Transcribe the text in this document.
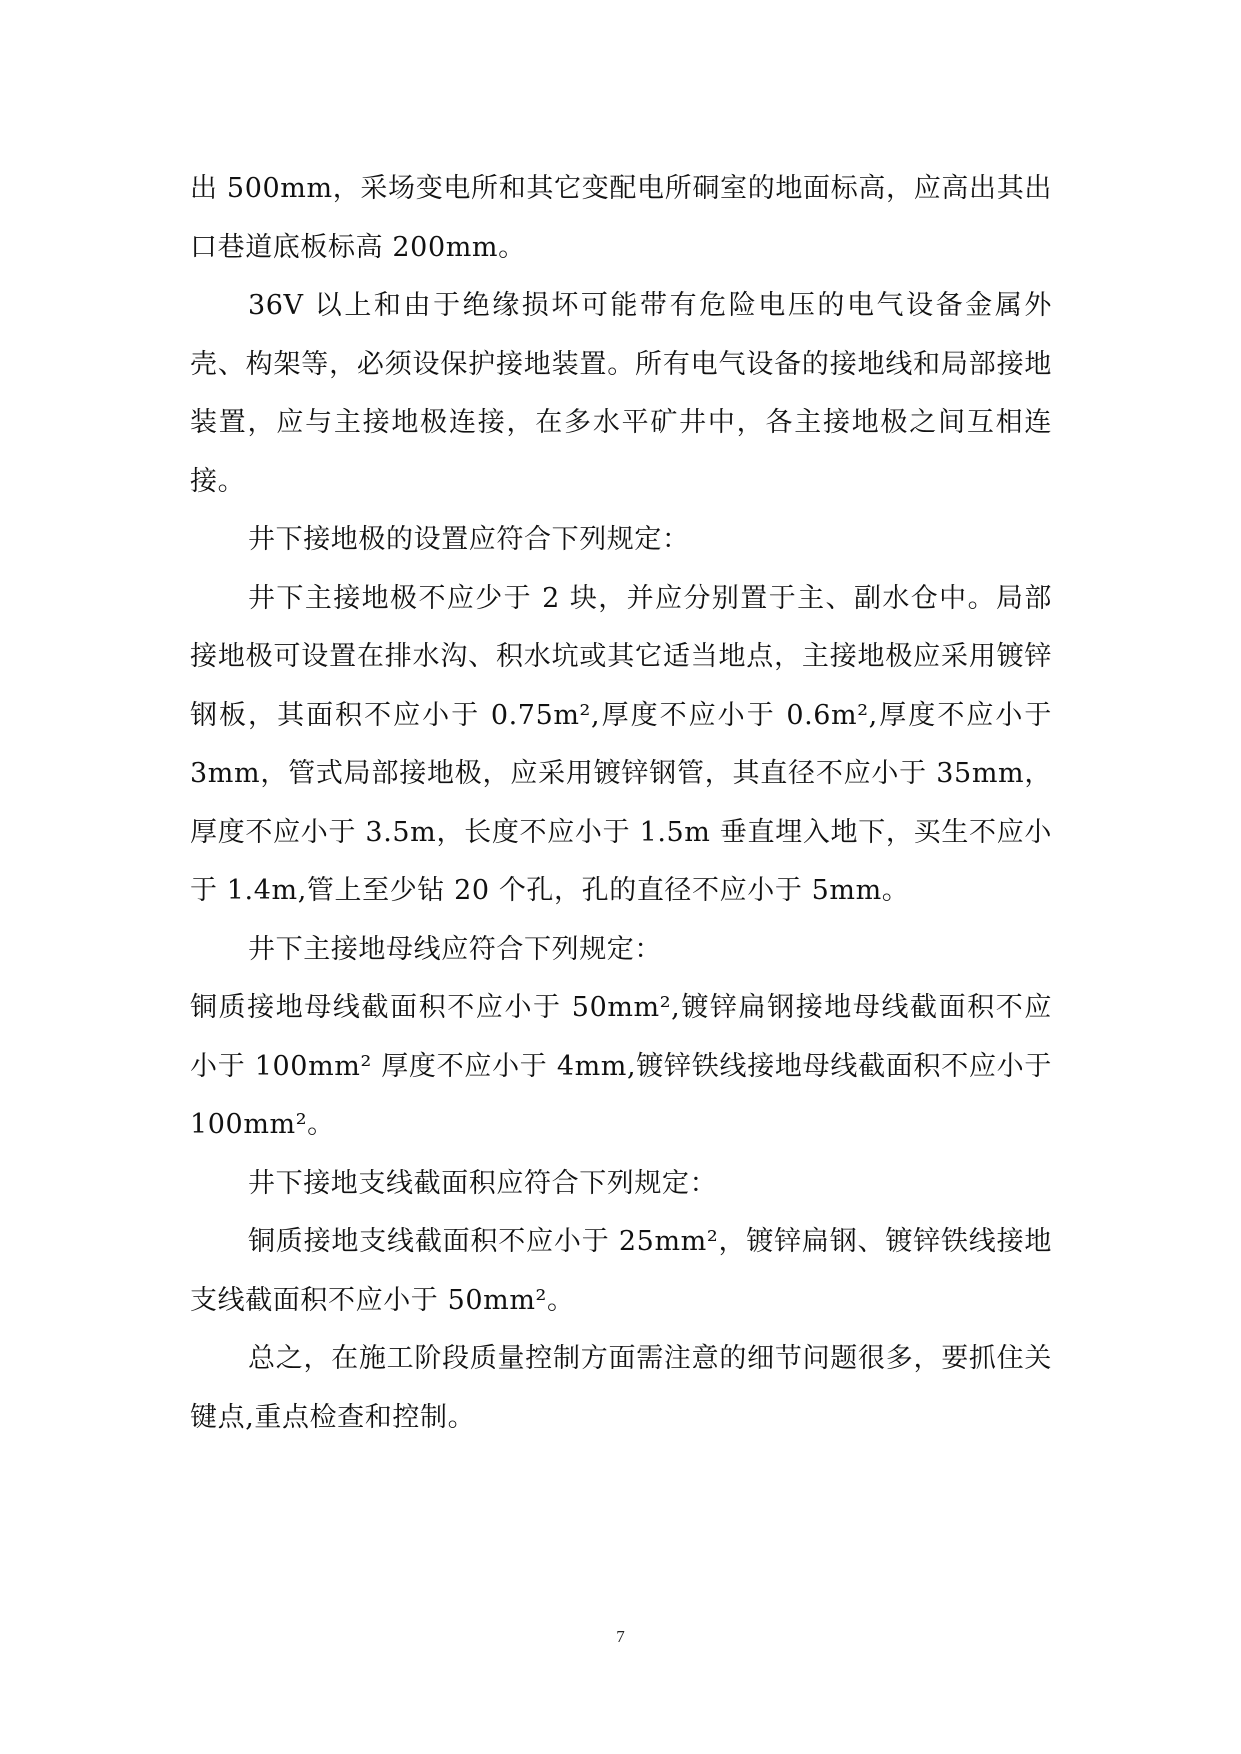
出 500mm，采场变电所和其它变配电所硐室的地面标高，应高出其出口巷道底板标高 200mm。

36V 以上和由于绝缘损坏可能带有危险电压的电气设备金属外壳、构架等，必须设保护接地装置。所有电气设备的接地线和局部接地装置，应与主接地极连接，在多水平矿井中，各主接地极之间互相连接。

井下接地极的设置应符合下列规定：

井下主接地极不应少于 2 块，并应分别置于主、副水仓中。局部接地极可设置在排水沟、积水坑或其它适当地点，主接地极应采用镀锌钢板，其面积不应小于 0.75m²,厚度不应小于 0.6m²,厚度不应小于 3mm，管式局部接地极，应采用镀锌钢管，其直径不应小于 35mm，厚度不应小于 3.5m，长度不应小于 1.5m 垂直埋入地下，买生不应小于 1.4m,管上至少钻 20 个孔，孔的直径不应小于 5mm。

井下主接地母线应符合下列规定：

铜质接地母线截面积不应小于 50mm²,镀锌扁钢接地母线截面积不应小于 100mm² 厚度不应小于 4mm,镀锌铁线接地母线截面积不应小于 100mm²。

井下接地支线截面积应符合下列规定：

铜质接地支线截面积不应小于 25mm²，镀锌扁钢、镀锌铁线接地支线截面积不应小于 50mm²。

总之，在施工阶段质量控制方面需注意的细节问题很多，要抓住关键点,重点检查和控制。

7
